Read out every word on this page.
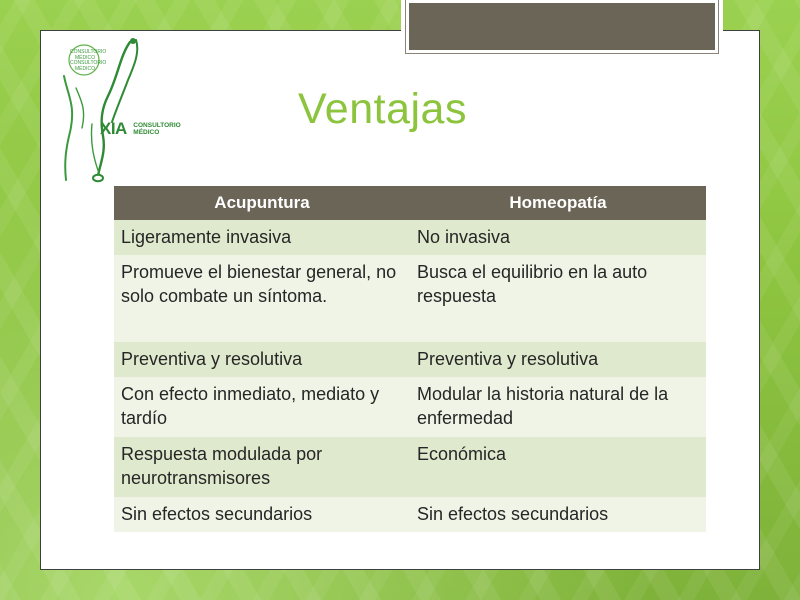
CONSULTORIO
MÉDICO
CONSULTORIO
MÉDICO
XIA CONSULTORIO
MÉDICO	Ventajas
Acupuntura	Homeopatía
Ligeramente invasiva	No invasiva
Promueve el bienestar general, no solo combate un síntoma.	Busca el equilibrio en la auto respuesta
Preventiva y resolutiva	Preventiva y resolutiva
Con efecto inmediato, mediato y tardío	Modular la historia natural de la enfermedad
Respuesta modulada por neurotransmisores	Económica
Sin efectos secundarios	Sin efectos secundarios
